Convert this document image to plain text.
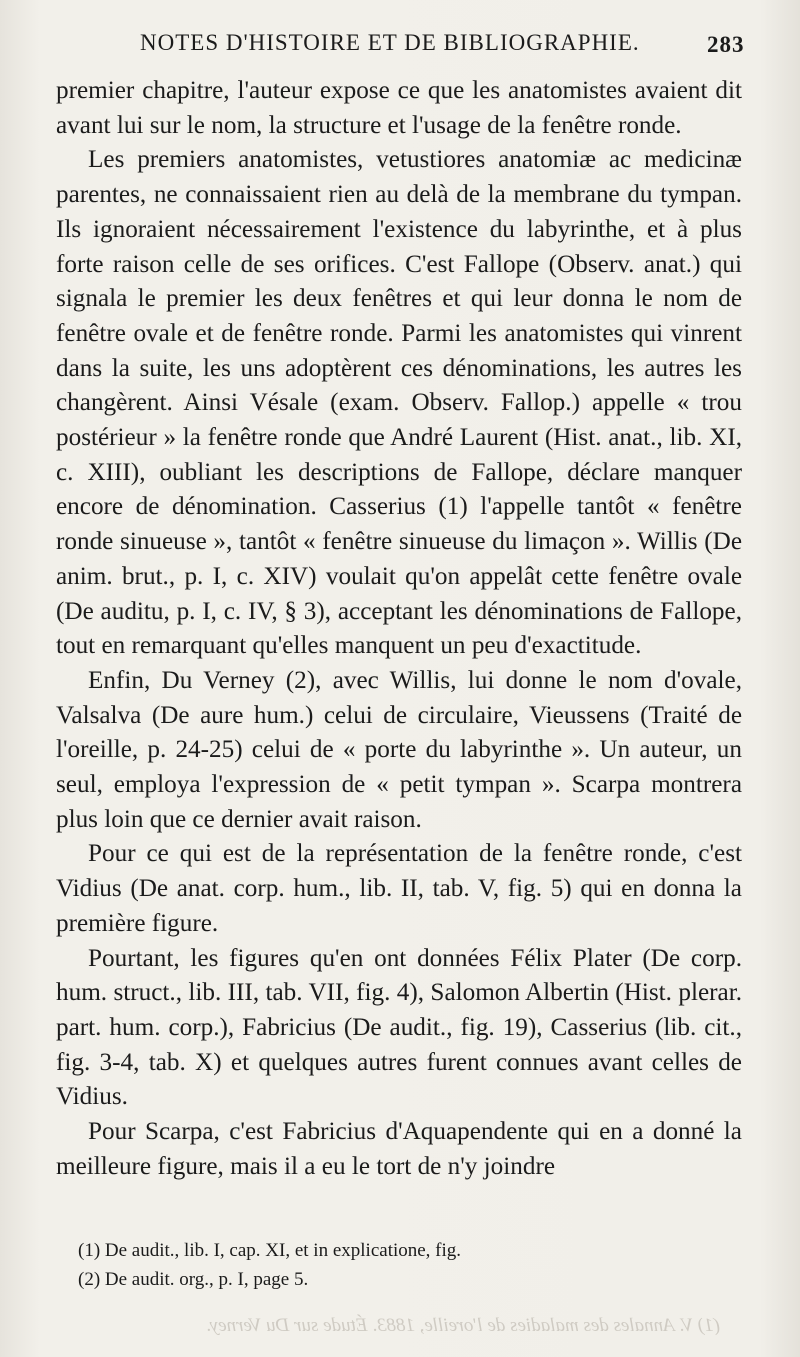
NOTES D'HISTOIRE ET DE BIBLIOGRAPHIE.	283

premier chapitre, l'auteur expose ce que les anatomistes avaient dit avant lui sur le nom, la structure et l'usage de la fenêtre ronde.

Les premiers anatomistes, vetustiores anatomiæ ac medicinæ parentes, ne connaissaient rien au delà de la membrane du tympan. Ils ignoraient nécessairement l'existence du labyrinthe, et à plus forte raison celle de ses orifices. C'est Fallope (Observ. anat.) qui signala le premier les deux fenêtres et qui leur donna le nom de fenêtre ovale et de fenêtre ronde. Parmi les anatomistes qui vinrent dans la suite, les uns adoptèrent ces dénominations, les autres les changèrent. Ainsi Vésale (exam. Observ. Fallop.) appelle « trou postérieur » la fenêtre ronde que André Laurent (Hist. anat., lib. XI, c. XIII), oubliant les descriptions de Fallope, déclare manquer encore de dénomination. Casserius (1) l'appelle tantôt « fenêtre ronde sinueuse », tantôt « fenêtre sinueuse du limaçon ». Willis (De anim. brut., p. I, c. XIV) voulait qu'on appelât cette fenêtre ovale (De auditu, p. I, c. IV, § 3), acceptant les dénominations de Fallope, tout en remarquant qu'elles manquent un peu d'exactitude.

Enfin, Du Verney (2), avec Willis, lui donne le nom d'ovale, Valsalva (De aure hum.) celui de circulaire, Vieussens (Traité de l'oreille, p. 24-25) celui de « porte du labyrinthe ». Un auteur, un seul, employa l'expression de « petit tympan ». Scarpa montrera plus loin que ce dernier avait raison.

Pour ce qui est de la représentation de la fenêtre ronde, c'est Vidius (De anat. corp. hum., lib. II, tab. V, fig. 5) qui en donna la première figure.

Pourtant, les figures qu'en ont données Félix Plater (De corp. hum. struct., lib. III, tab. VII, fig. 4), Salomon Albertin (Hist. plerar. part. hum. corp.), Fabricius (De audit., fig. 19), Casserius (lib. cit., fig. 3-4, tab. X) et quelques autres furent connues avant celles de Vidius.

Pour Scarpa, c'est Fabricius d'Aquapendente qui en a donné la meilleure figure, mais il a eu le tort de n'y joindre

(1) De audit., lib. I, cap. XI, et in explicatione, fig.
(2) De audit. org., p. I, page 5.
(1) V. Annales des maladies de l'oreille, 1883. Étude sur Du Verney.
